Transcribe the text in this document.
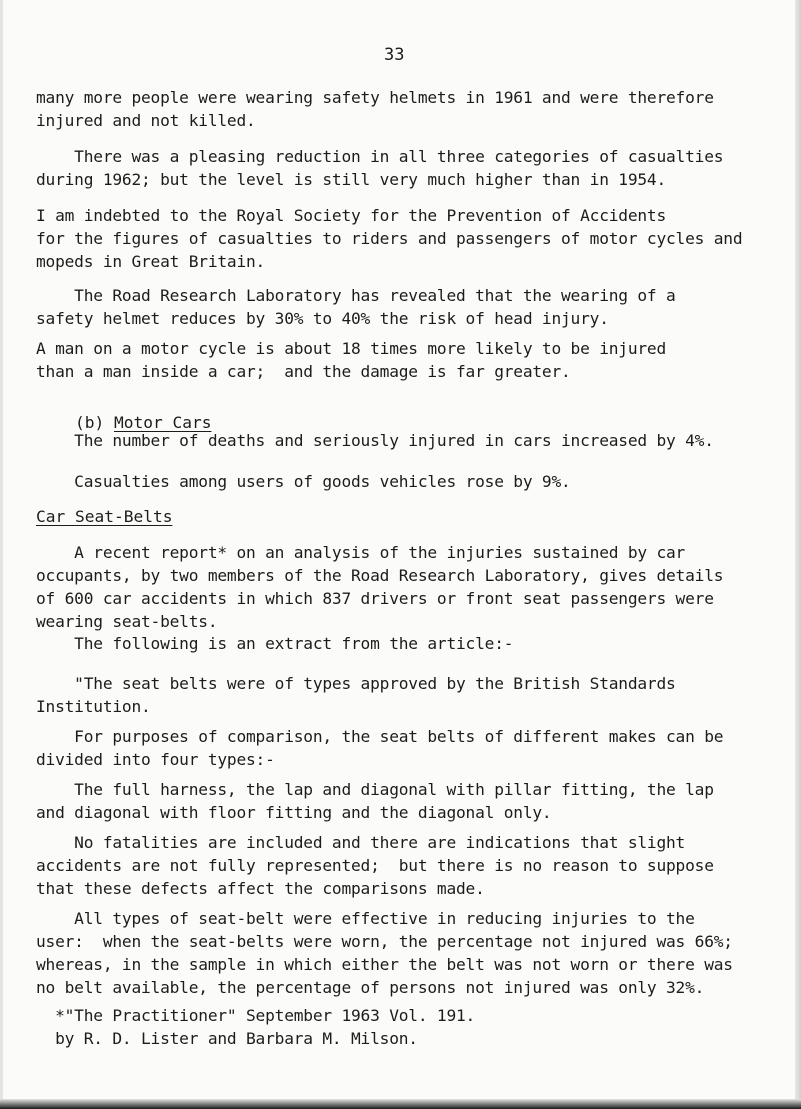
33
many more people were wearing safety helmets in 1961 and were therefore
injured and not killed.
There was a pleasing reduction in all three categories of casualties
during 1962; but the level is still very much higher than in 1954.
I am indebted to the Royal Society for the Prevention of Accidents
for the figures of casualties to riders and passengers of motor cycles and
mopeds in Great Britain.
The Road Research Laboratory has revealed that the wearing of a
safety helmet reduces by 30% to 40% the risk of head injury.
A man on a motor cycle is about 18 times more likely to be injured
than a man inside a car;  and the damage is far greater.

(b) Motor Cars

The number of deaths and seriously injured in cars increased by 4%.
Casualties among users of goods vehicles rose by 9%.
Car Seat-Belts
A recent report* on an analysis of the injuries sustained by car
occupants, by two members of the Road Research Laboratory, gives details
of 600 car accidents in which 837 drivers or front seat passengers were
wearing seat-belts.
The following is an extract from the article:-
"The seat belts were of types approved by the British Standards
Institution.
For purposes of comparison, the seat belts of different makes can be
divided into four types:-
The full harness, the lap and diagonal with pillar fitting, the lap
and diagonal with floor fitting and the diagonal only.
No fatalities are included and there are indications that slight
accidents are not fully represented;  but there is no reason to suppose
that these defects affect the comparisons made.
All types of seat-belt were effective in reducing injuries to the
user:  when the seat-belts were worn, the percentage not injured was 66%;
whereas, in the sample in which either the belt was not worn or there was
no belt available, the percentage of persons not injured was only 32%.
*"The Practitioner" September 1963 Vol. 191.
by R. D. Lister and Barbara M. Milson.
